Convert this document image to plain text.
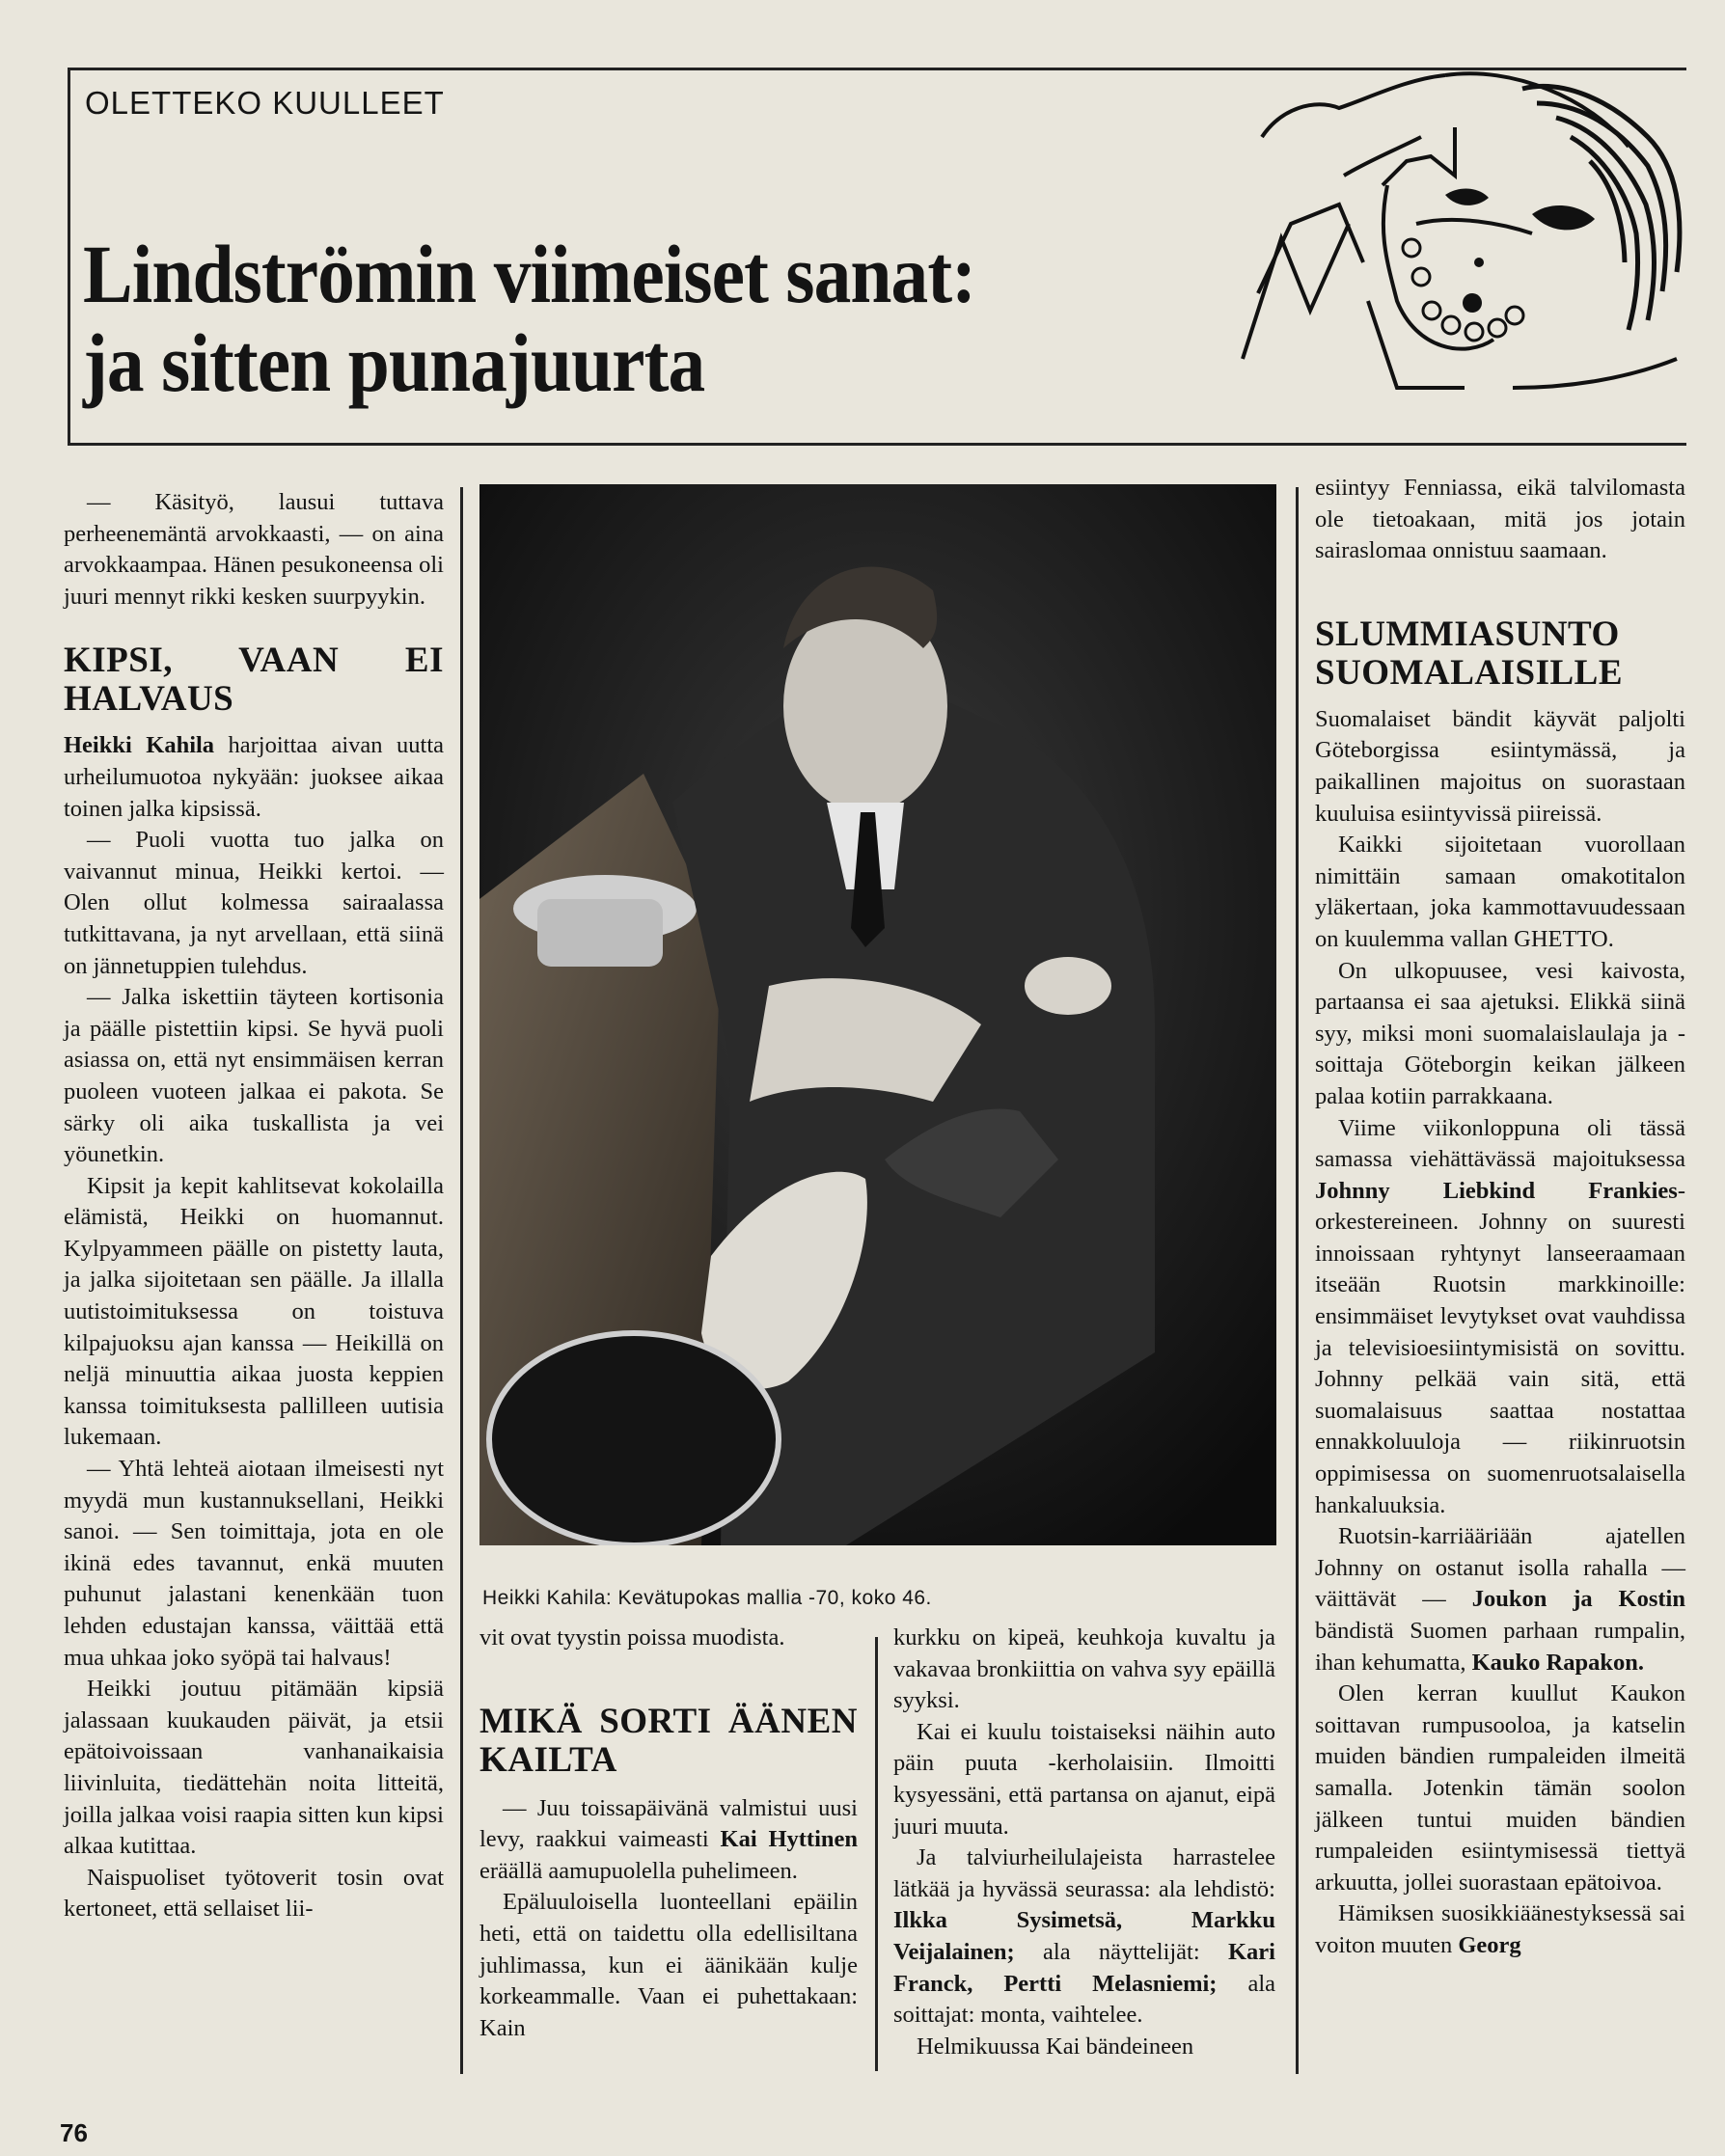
OLETTEKO KUULLEET
Lindströmin viimeiset sanat:
ja sitten punajuurta

— Käsityö, lausui tuttava perheenemäntä arvokkaasti, — on aina arvokkaampaa. Hänen pesukoneensa oli juuri mennyt rikki kesken suurpyykin.

KIPSI, VAAN EI HALVAUS

Heikki Kahila harjoittaa aivan uutta urheilumuotoa nykyään: juoksee aikaa toinen jalka kipsissä.

— Puoli vuotta tuo jalka on vaivannut minua, Heikki kertoi. — Olen ollut kolmessa sairaalassa tutkittavana, ja nyt arvellaan, että siinä on jännetuppien tulehdus.

— Jalka iskettiin täyteen kortisonia ja päälle pistettiin kipsi. Se hyvä puoli asiassa on, että nyt ensimmäisen kerran puoleen vuoteen jalkaa ei pakota. Se särky oli aika tuskallista ja vei yöunetkin.

Kipsit ja kepit kahlitsevat kokolailla elämistä, Heikki on huomannut. Kylpyammeen päälle on pistetty lauta, ja jalka sijoitetaan sen päälle. Ja illalla uutistoimituksessa on toistuva kilpajuoksu ajan kanssa — Heikillä on neljä minuuttia aikaa juosta keppien kanssa toimituksesta pallilleen uutisia lukemaan.

— Yhtä lehteä aiotaan ilmeisesti nyt myydä mun kustannuksellani, Heikki sanoi. — Sen toimittaja, jota en ole ikinä edes tavannut, enkä muuten puhunut jalastani kenenkään tuon lehden edustajan kanssa, väittää että mua uhkaa joko syöpä tai halvaus!

Heikki joutuu pitämään kipsiä jalassaan kuukauden päivät, ja etsii epätoivoissaan vanhanaikaisia liivinluita, tiedättehän noita litteitä, joilla jalkaa voisi raapia sitten kun kipsi alkaa kutittaa.

Naispuoliset työtoverit tosin ovat kertoneet, että sellaiset lii-

Heikki Kahila: Kevätupokas mallia -70, koko 46.

vit ovat tyystin poissa muodista.

MIKÄ SORTI ÄÄNEN KAILTA

— Juu toissapäivänä valmistui uusi levy, raakkui vaimeasti Kai Hyttinen eräällä aamupuolella puhelimeen.

Epäluuloisella luonteellani epäilin heti, että on taidettu olla edellisiltana juhlimassa, kun ei äänikään kulje korkeammalle. Vaan ei puhettakaan: Kain

kurkku on kipeä, keuhkoja kuvaltu ja vakavaa bronkiittia on vahva syy epäillä syyksi.

Kai ei kuulu toistaiseksi näihin auto päin puuta -kerholaisiin. Ilmoitti kysyessäni, että partansa on ajanut, eipä juuri muuta.

Ja talviurheilulajeista harrastelee lätkää ja hyvässä seurassa: ala lehdistö: Ilkka Sysimetsä, Markku Veijalainen; ala näyttelijät: Kari Franck, Pertti Melasniemi; ala soittajat: monta, vaihtelee.

Helmikuussa Kai bändeineen

esiintyy Fenniassa, eikä talvilomasta ole tietoakaan, mitä jos jotain sairaslomaa onnistuu saamaan.

SLUMMIASUNTO SUOMALAISILLE

Suomalaiset bändit käyvät paljolti Göteborgissa esiintymässä, ja paikallinen majoitus on suorastaan kuuluisa esiintyvissä piireissä.

Kaikki sijoitetaan vuorollaan nimittäin samaan omakotitalon yläkertaan, joka kammottavuudessaan on kuulemma vallan GHETTO.

On ulkopuusee, vesi kaivosta, partaansa ei saa ajetuksi. Elikkä siinä syy, miksi moni suomalaislaulaja ja -soittaja Göteborgin keikan jälkeen palaa kotiin parrakkaana.

Viime viikonloppuna oli tässä samassa viehättävässä majoituksessa Johnny Liebkind Frankies-orkestereineen. Johnny on suuresti innoissaan ryhtynyt lanseeraamaan itseään Ruotsin markkinoille: ensimmäiset levytykset ovat vauhdissa ja televisioesiintymisistä on sovittu. Johnny pelkää vain sitä, että suomalaisuus saattaa nostattaa ennakkoluuloja — riikinruotsin oppimisessa on suomenruotsalaisella hankaluuksia.

Ruotsin-karriääriään ajatellen Johnny on ostanut isolla rahalla — väittävät — Joukon ja Kostin bändistä Suomen parhaan rumpalin, ihan kehumatta, Kauko Rapakon.

Olen kerran kuullut Kaukon soittavan rumpusooloa, ja katselin muiden bändien rumpaleiden ilmeitä samalla. Jotenkin tämän soolon jälkeen tuntui muiden bändien rumpaleiden esiintymisessä tiettyä arkuutta, jollei suorastaan epätoivoa.

Hämiksen suosikkiäänestyksessä sai voiton muuten Georg

76
